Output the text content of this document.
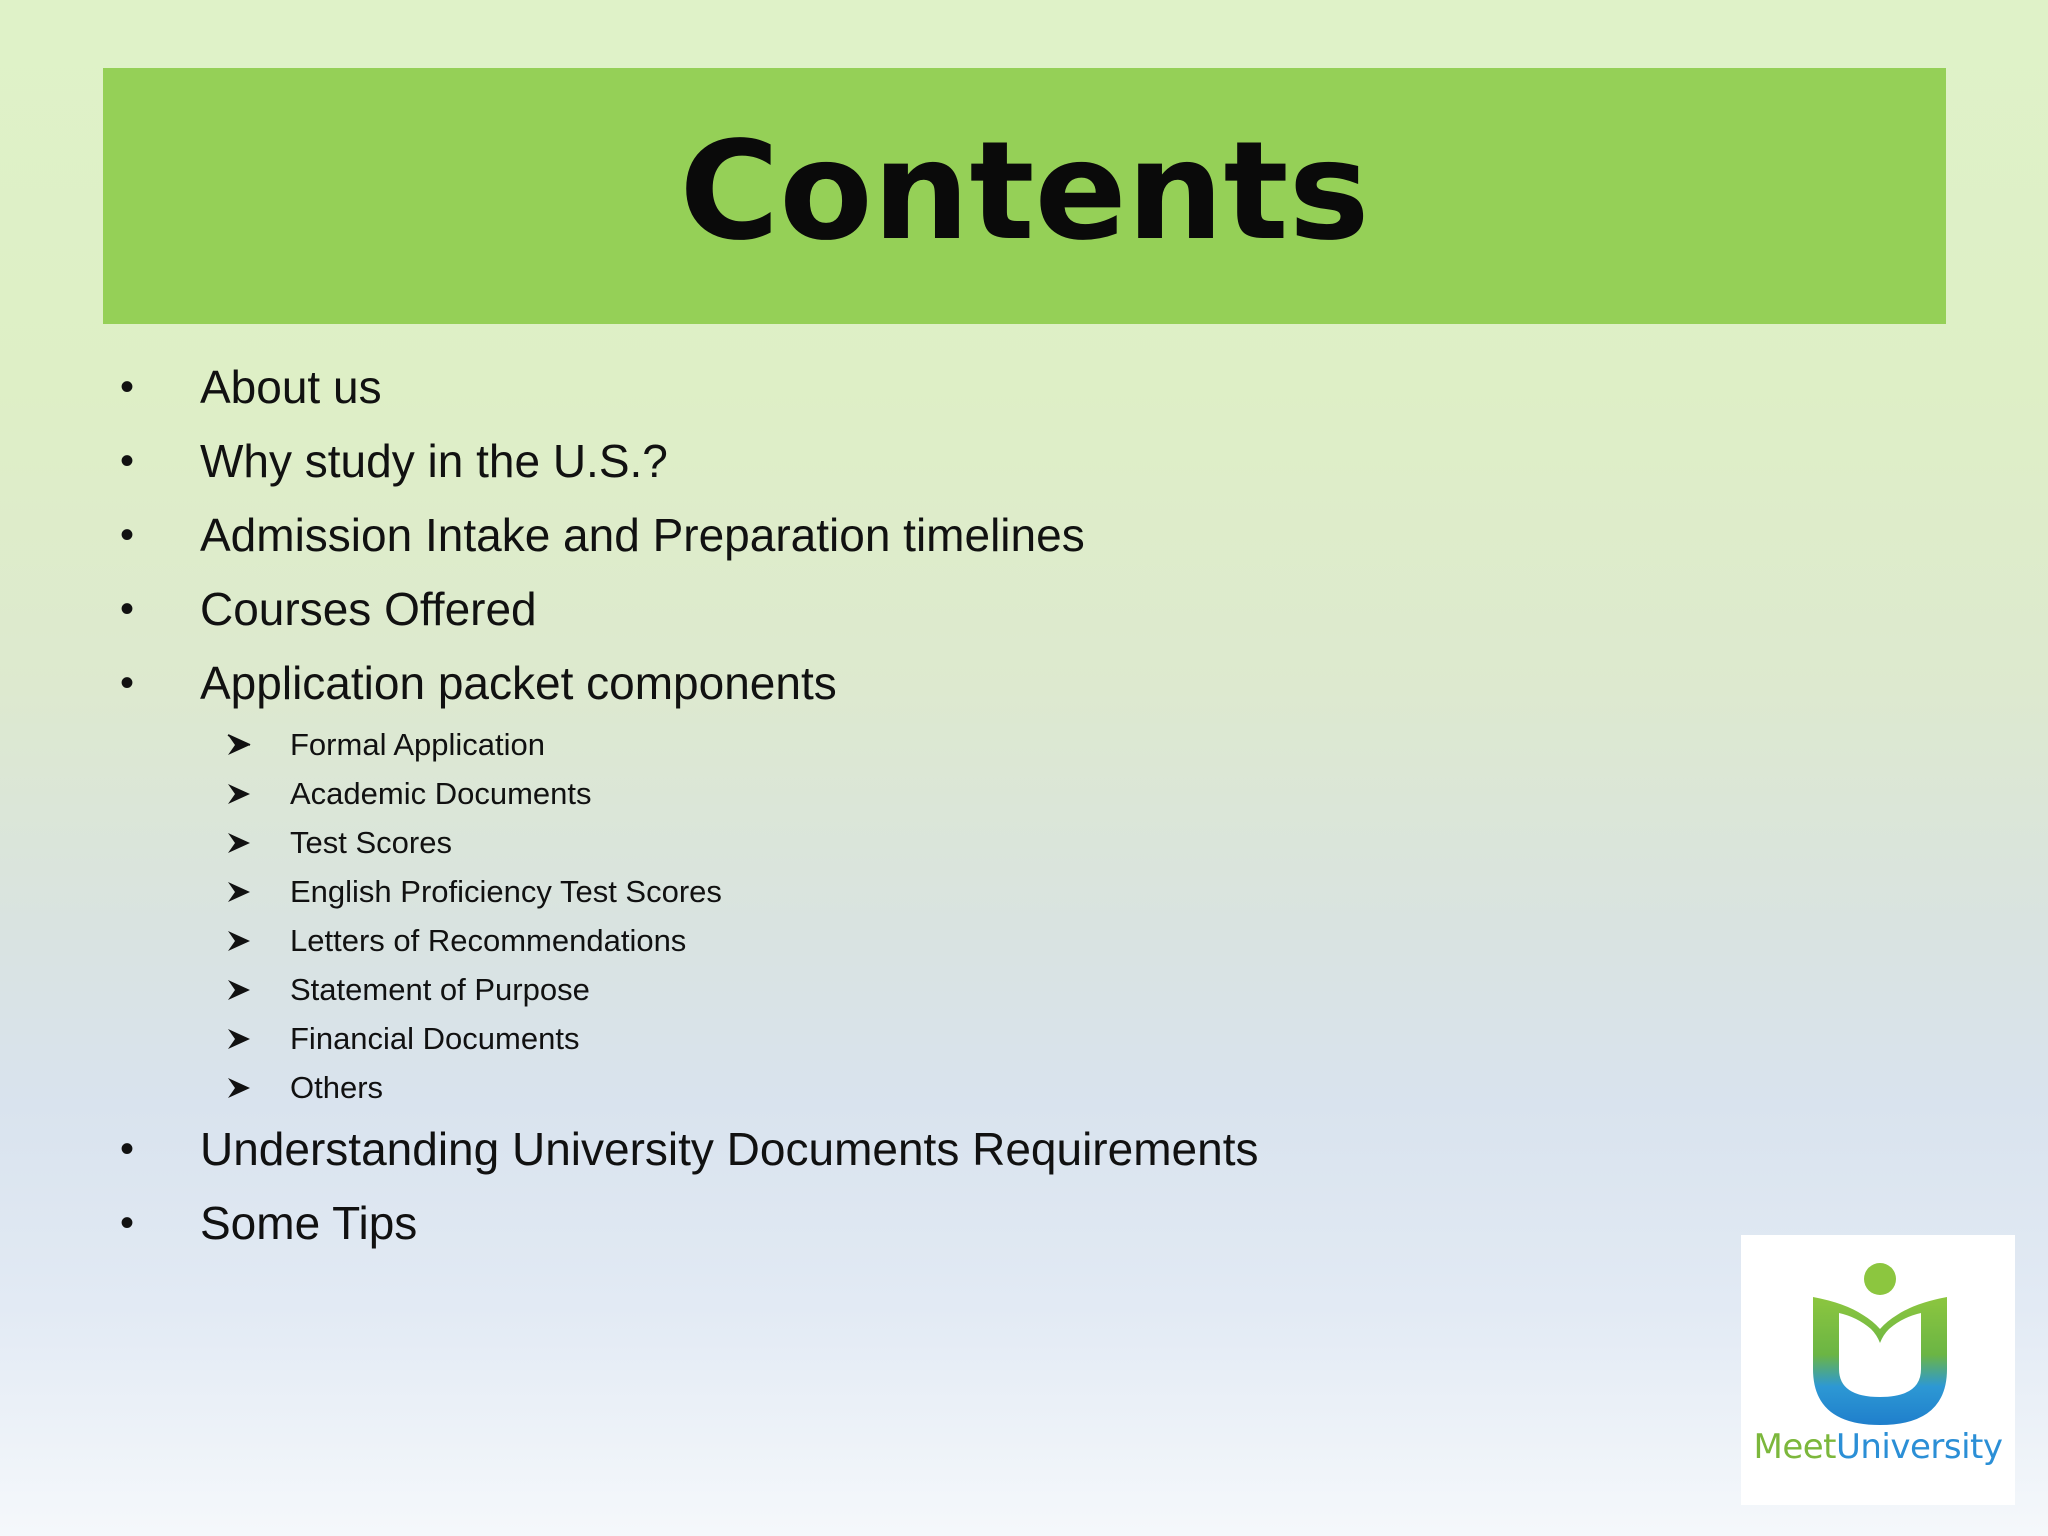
Contents
• About us
• Why study in the U.S.?
• Admission Intake and Preparation timelines
• Courses Offered
• Application packet components
Formal Application
Academic Documents
Test Scores
English Proficiency Test Scores
Letters of Recommendations
Statement of Purpose
Financial Documents
Others
• Understanding University Documents Requirements
• Some Tips
MeetUniversity
